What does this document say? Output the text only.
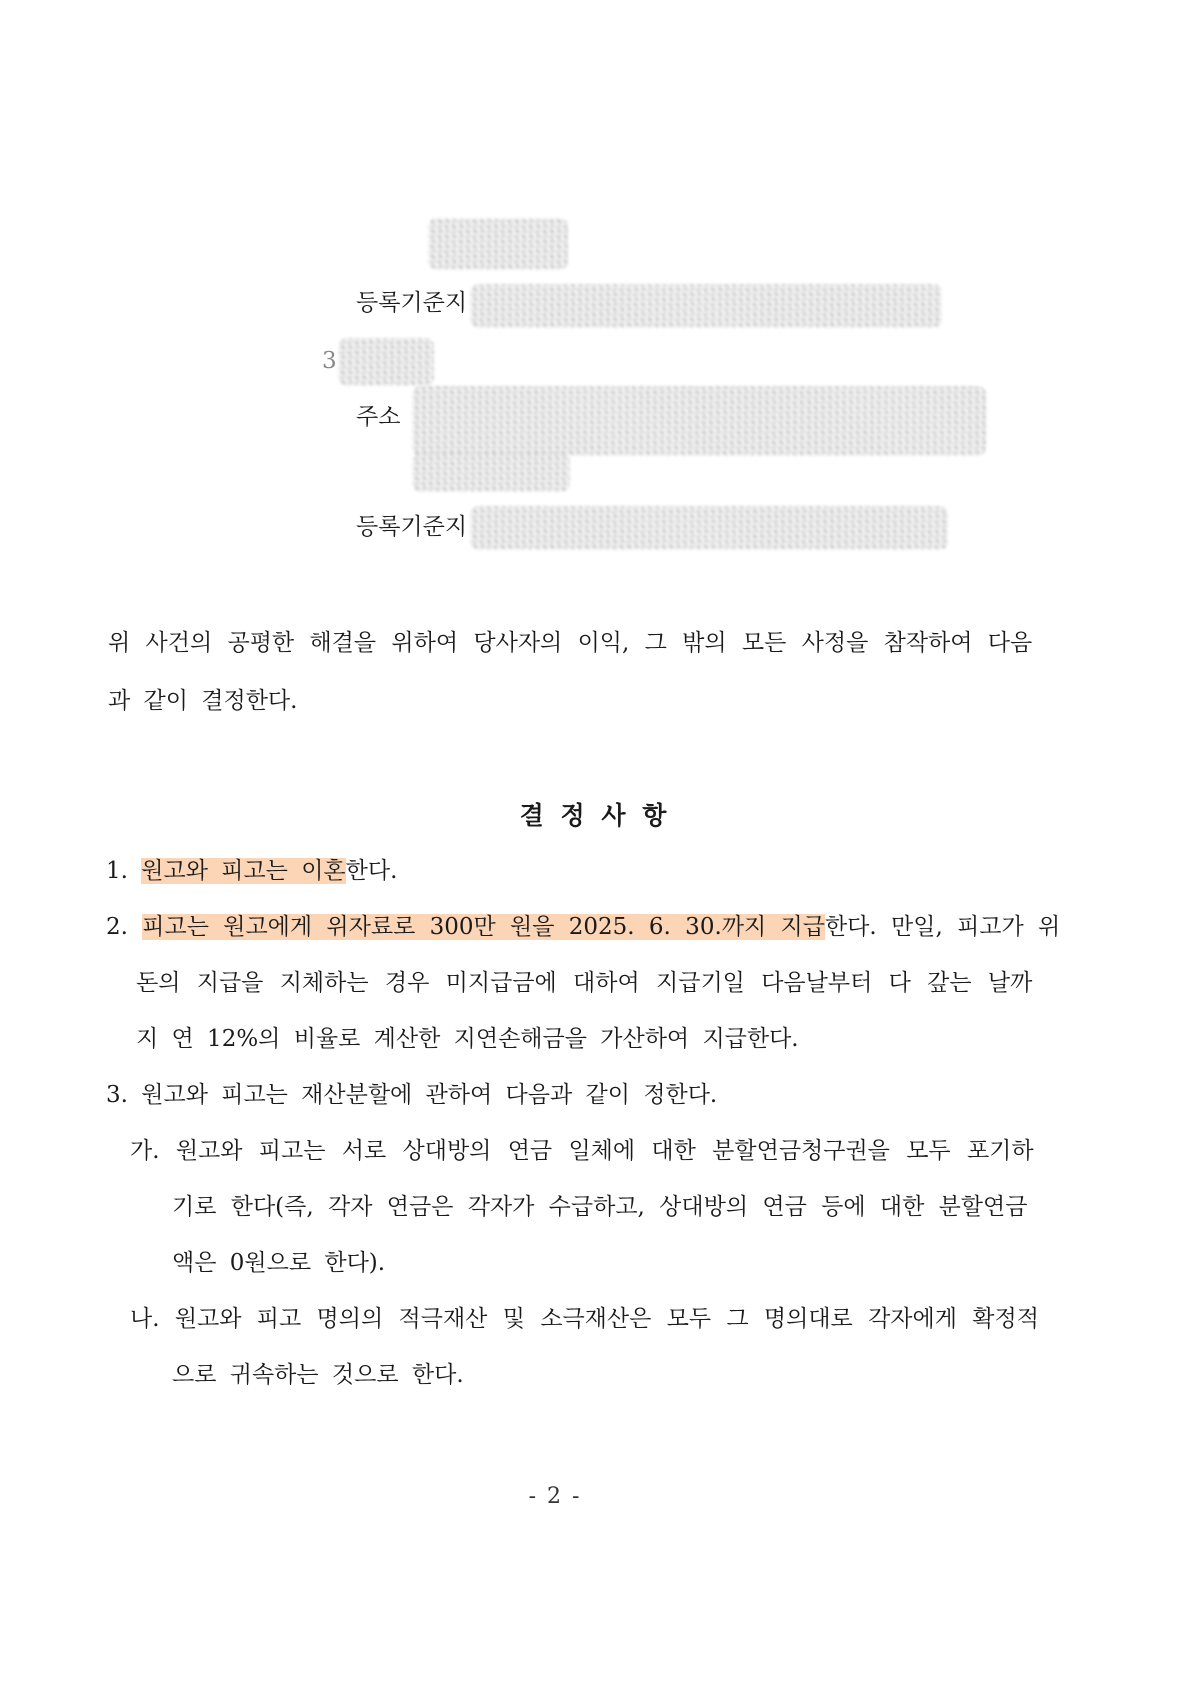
등록기준지
3
주소
등록기준지
위 사건의 공평한 해결을 위하여 당사자의 이익, 그 밖의 모든 사정을 참작하여 다음
과 같이 결정한다.
결 정 사 항
1. 원고와 피고는 이혼한다.
2. 피고는 원고에게 위자료로 300만 원을 2025. 6. 30.까지 지급한다. 만일, 피고가 위
돈의 지급을 지체하는 경우 미지급금에 대하여 지급기일 다음날부터 다 갚는 날까
지 연 12%의 비율로 계산한 지연손해금을 가산하여 지급한다.
3. 원고와 피고는 재산분할에 관하여 다음과 같이 정한다.
가. 원고와 피고는 서로 상대방의 연금 일체에 대한 분할연금청구권을 모두 포기하
기로 한다(즉, 각자 연금은 각자가 수급하고, 상대방의 연금 등에 대한 분할연금
액은 0원으로 한다).
나. 원고와 피고 명의의 적극재산 및 소극재산은 모두 그 명의대로 각자에게 확정적
으로 귀속하는 것으로 한다.
- 2 -
